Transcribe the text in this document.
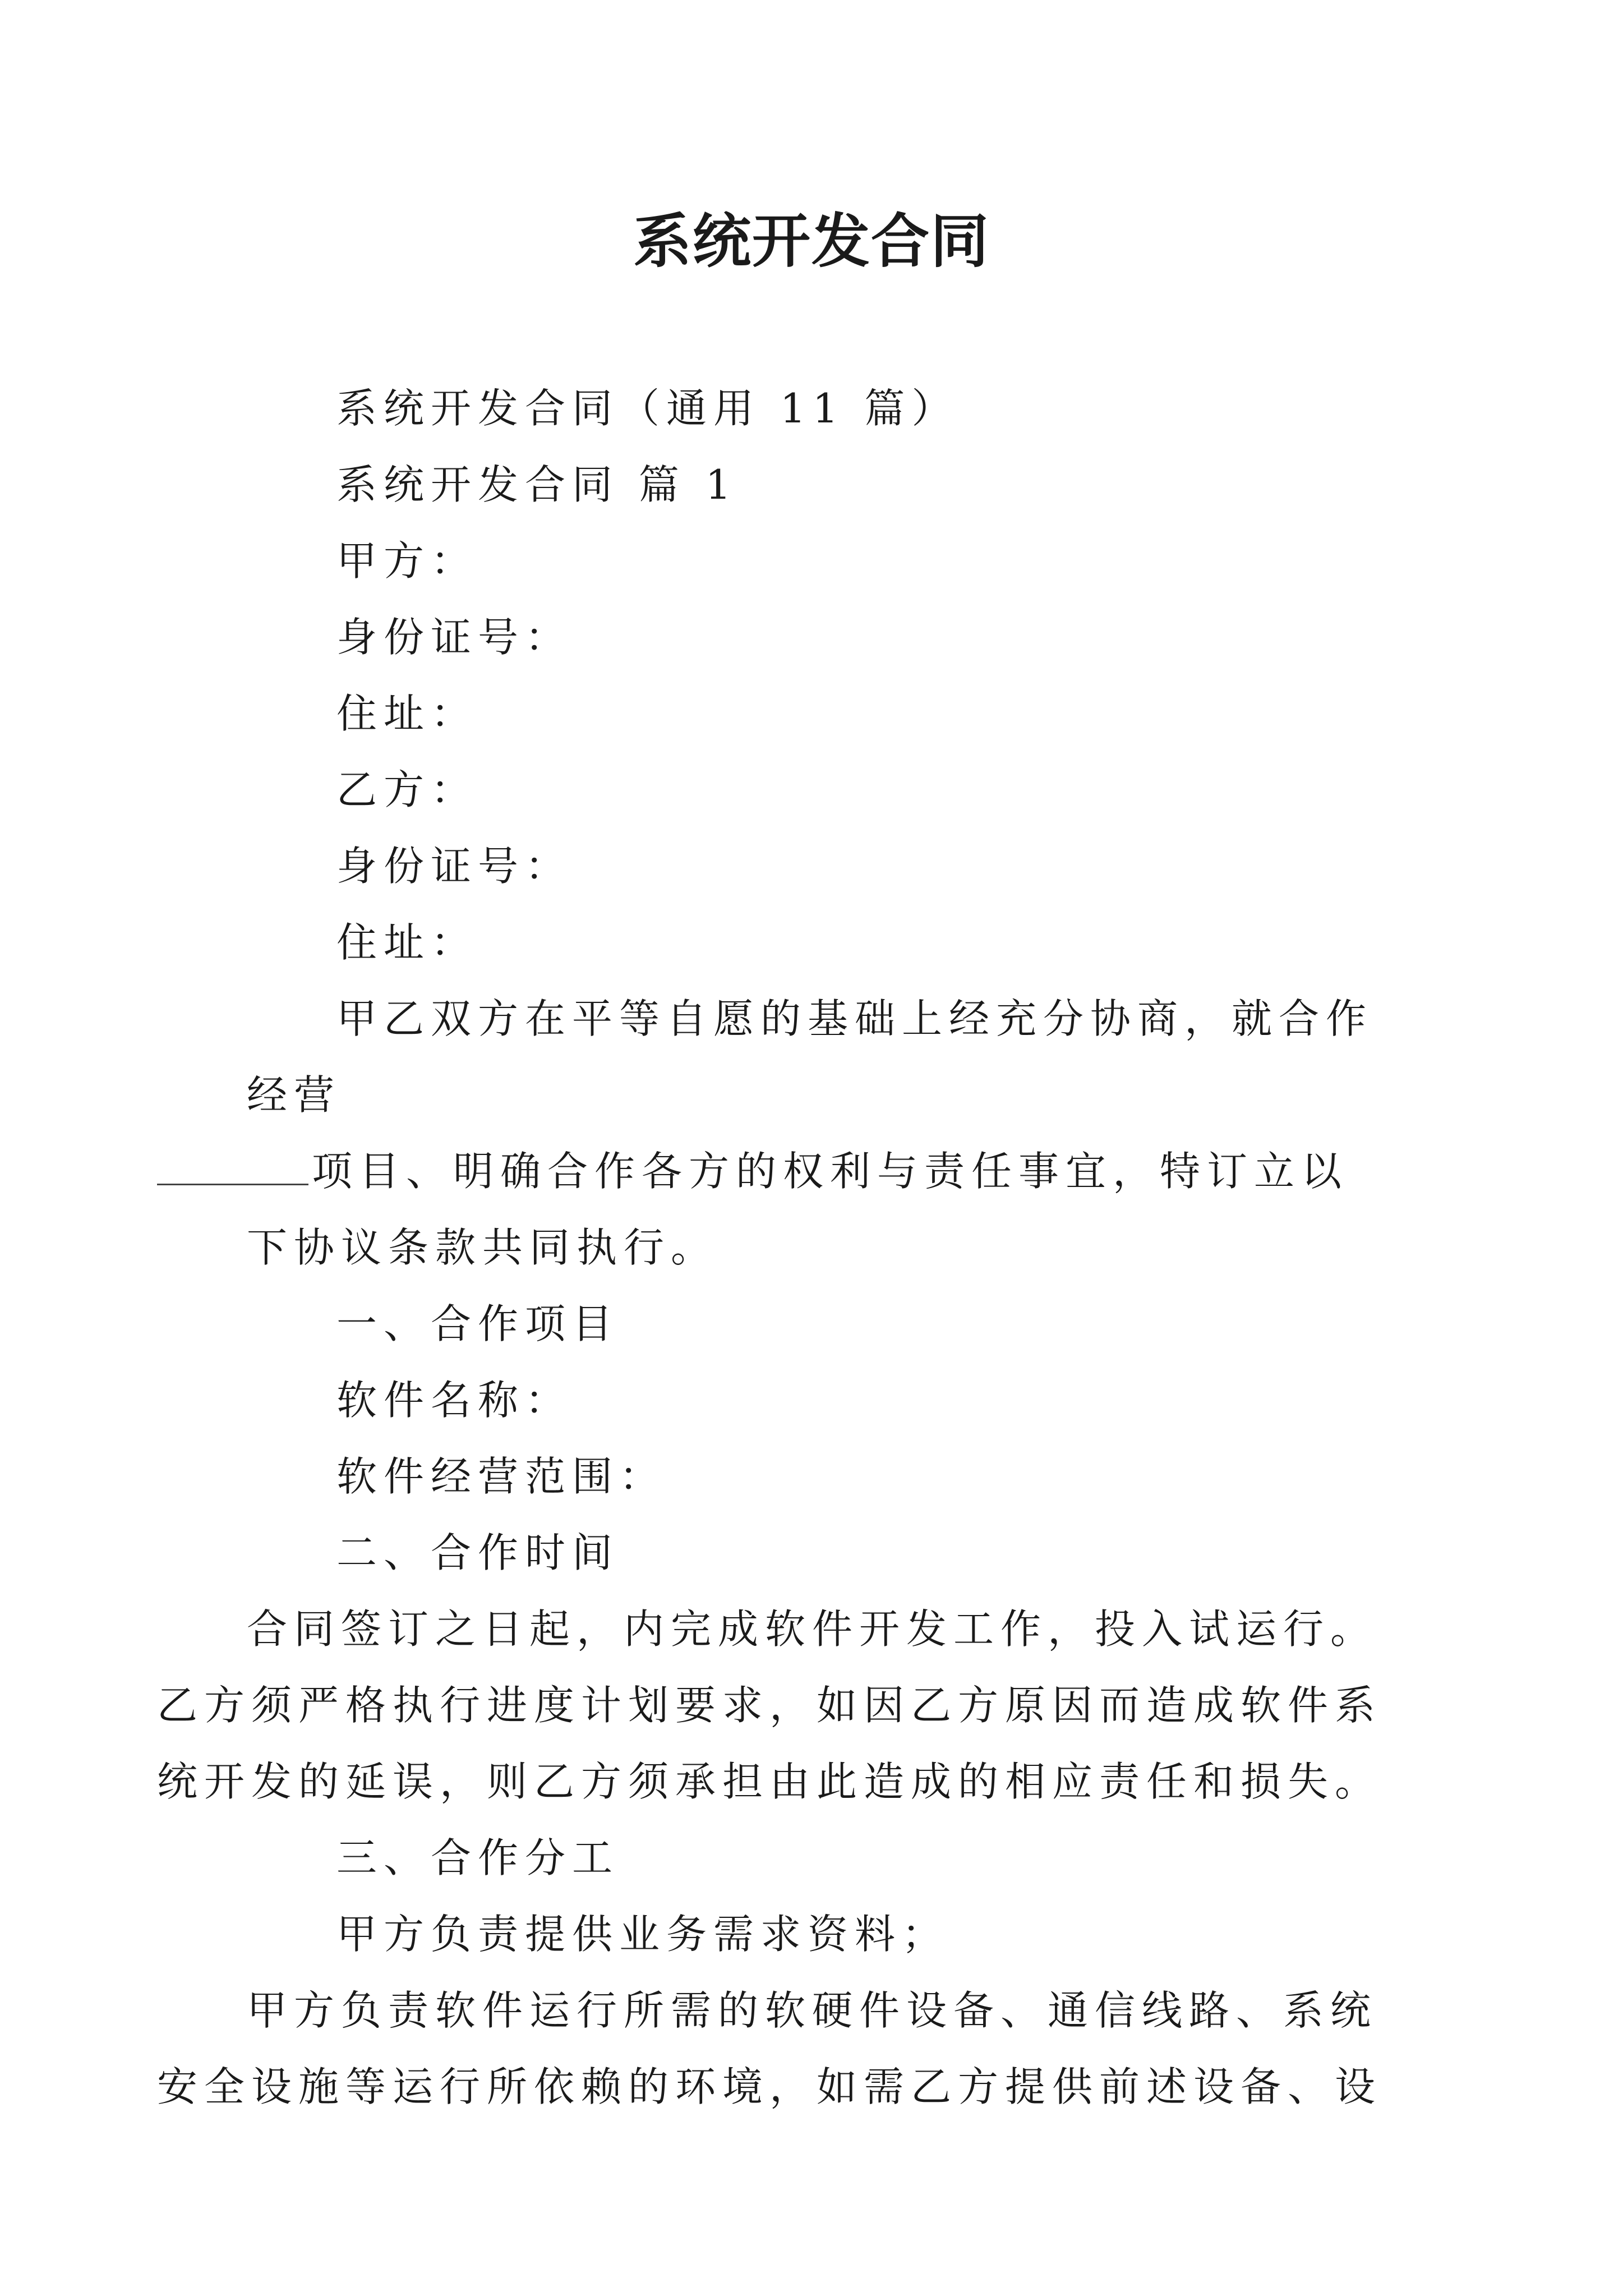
系统开发合同

系统开发合同（通用 11 篇）

系统开发合同 篇 1

甲方：

身份证号：

住址：

乙方：

身份证号：

住址：

甲乙双方在平等自愿的基础上经充分协商，就合作经营

项目、明确合作各方的权利与责任事宜，特订立以下协议条款共同执行。

一、合作项目

软件名称：

软件经营范围：

二、合作时间

合同签订之日起，内完成软件开发工作，投入试运行。乙方须严格执行进度计划要求，如因乙方原因而造成软件系统开发的延误，则乙方须承担由此造成的相应责任和损失。

三、合作分工

甲方负责提供业务需求资料；

甲方负责软件运行所需的软硬件设备、通信线路、系统安全设施等运行所依赖的环境，如需乙方提供前述设备、设
